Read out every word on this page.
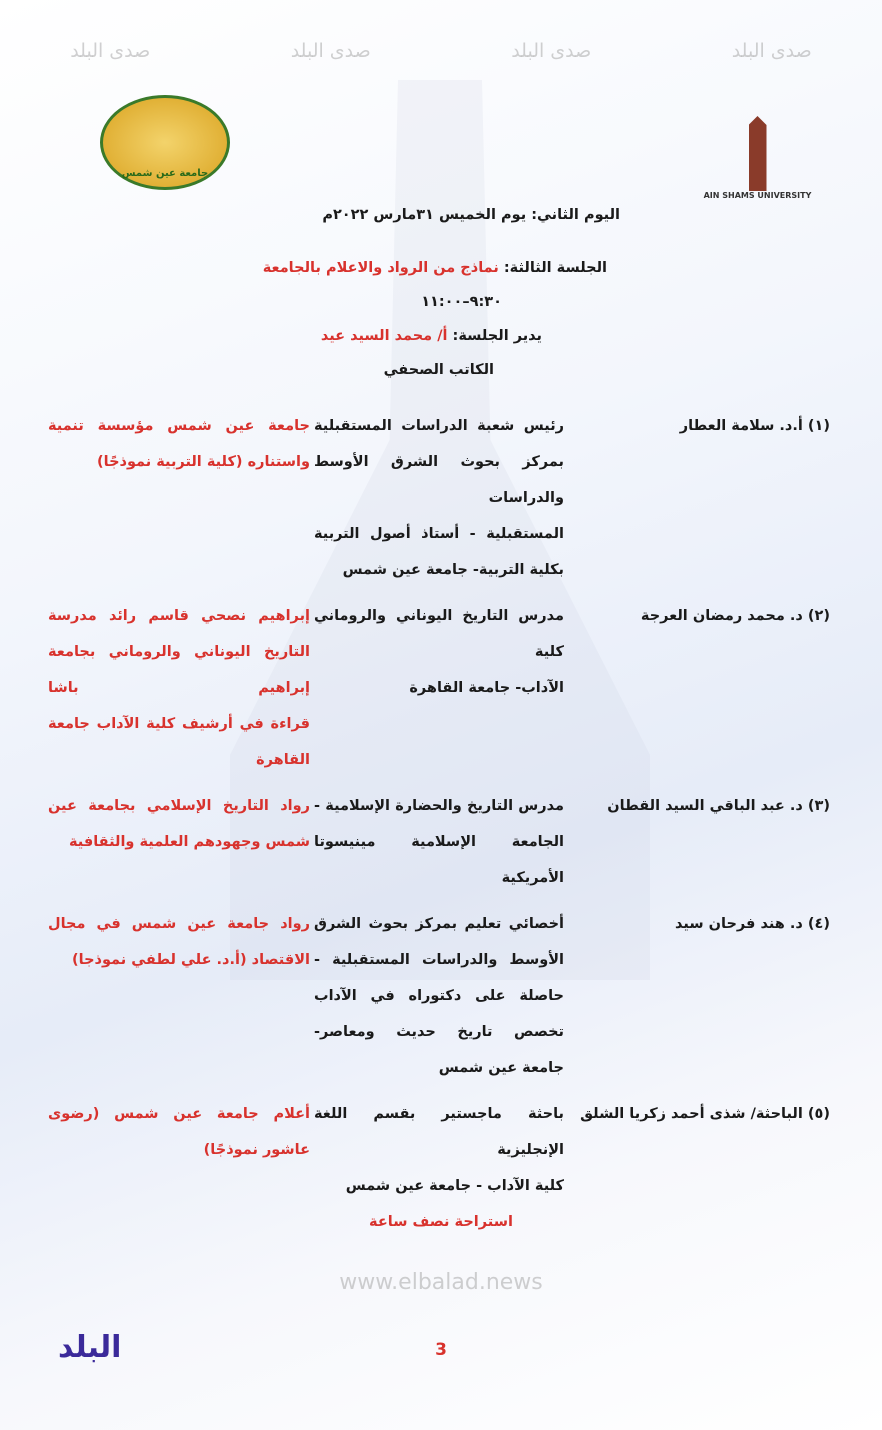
جامعة عين شمس
AIN SHAMS UNIVERSITY
صدى البلد
صدى البلد
صدى البلد
صدى البلد
اليوم الثاني: يوم الخميس ٣١مارس ٢٠٢٢م
الجلسة الثالثة: نماذج من الرواد والاعلام بالجامعة
٩:٣٠–١١:٠٠
يدير الجلسة: أ/ محمد السيد عيد
الكاتب الصحفي
(١) أ.د. سلامة العطار
رئيس شعبة الدراسات المستقبلية
بمركز بحوث الشرق الأوسط والدراسات
المستقبلية - أستاذ أصول التربية
بكلية التربية- جامعة عين شمس
جامعة عين شمس مؤسسة تنمية
واستناره (كلية التربية نموذجًا)
(٢) د. محمد رمضان العرجة
مدرس التاريخ اليوناني والروماني كلية
الآداب- جامعة القاهرة
إبراهيم نصحي قاسم رائد مدرسة
التاريخ اليوناني والروماني بجامعة
إبراهيم باشا
قراءة في أرشيف كلية الآداب جامعة
القاهرة
(٣) د. عبد الباقي السيد القطان
مدرس التاريخ والحضارة الإسلامية -
الجامعة الإسلامية مينيسوتا الأمريكية
رواد التاريخ الإسلامي بجامعة عين
شمس وجهودهم العلمية والثقافية
(٤) د. هند فرحان سيد
أخصائي تعليم بمركز بحوث الشرق
الأوسط والدراسات المستقبلية -
حاصلة على دكتوراه في الآداب
تخصص تاريخ حديث ومعاصر-
جامعة عين شمس
رواد جامعة عين شمس في مجال
الاقتصاد (أ.د. علي لطفي نموذجا)
(٥) الباحثة/ شذى أحمد زكريا الشلق
باحثة ماجستير بقسم اللغة الإنجليزية
كلية الآداب - جامعة عين شمس
أعلام جامعة عين شمس (رضوى
عاشور نموذجًا)
استراحة نصف ساعة
www.elbalad.news
البلد	3
